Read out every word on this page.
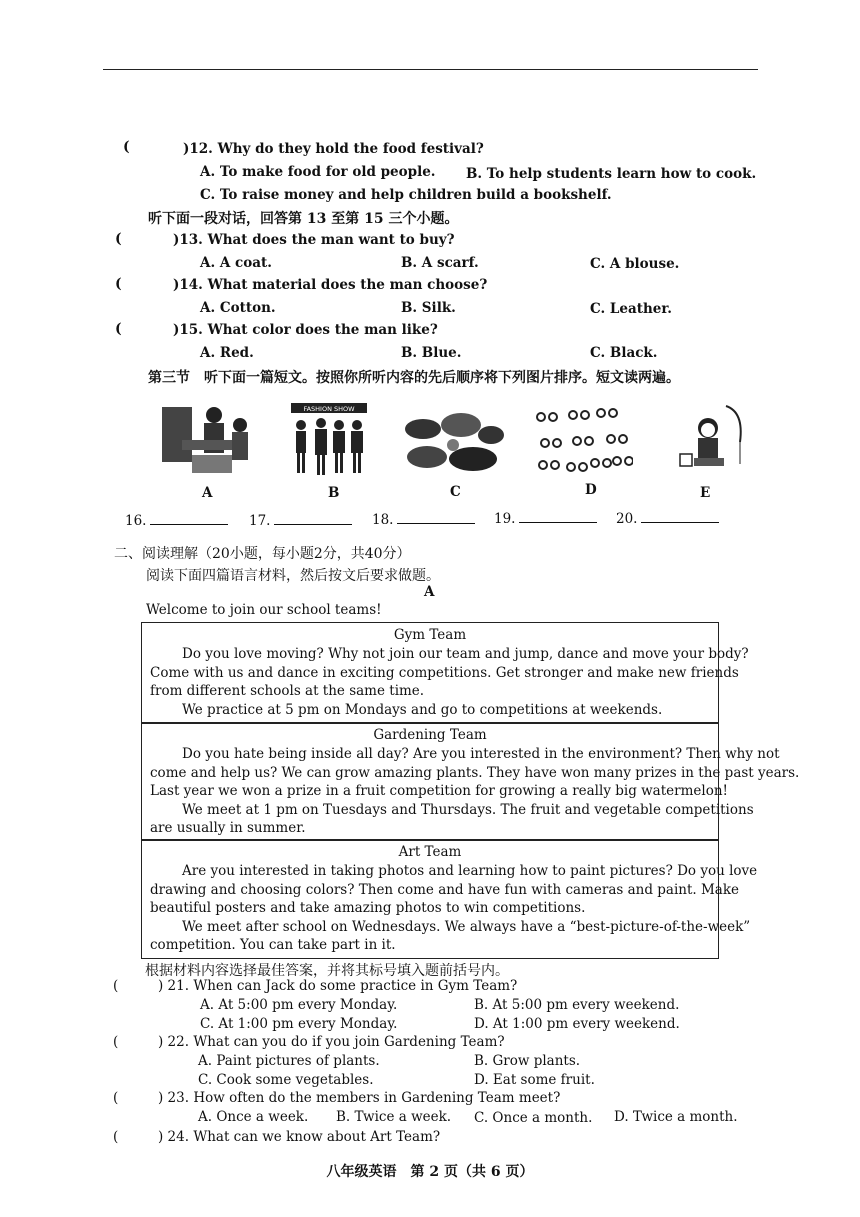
(	)12. Why do they hold the food festival?
A. To make food for old people. B. To help students learn how to cook.
C. To raise money and help children build a bookshelf.
听下面一段对话，回答第 13 至第 15 三个小题。
(	)13. What does the man want to buy?
A. A coat.	B. A scarf.	C. A blouse.
(	)14. What material does the man choose?
A. Cotton.	B. Silk.	C. Leather.
(	)15. What color does the man like?
A. Red.	B. Blue.	C. Black.
第三节　听下面一篇短文。按照你所听内容的先后顺序将下列图片排序。短文读两遍。
FASHION SHOW
A	B	C	D	E
16.	17.	18.	19.	20.
二、阅读理解（20小题，每小题2分，共40分）
阅读下面四篇语言材料，然后按文后要求做题。
A
Welcome to join our school teams!
Gym Team
Do you love moving? Why not join our team and jump, dance and move your body?
Come with us and dance in exciting competitions. Get stronger and make new friends
from different schools at the same time.
We practice at 5 pm on Mondays and go to competitions at weekends.
Gardening Team
Do you hate being inside all day? Are you interested in the environment? Then why not
come and help us? We can grow amazing plants. They have won many prizes in the past years.
Last year we won a prize in a fruit competition for growing a really big watermelon!
We meet at 1 pm on Tuesdays and Thursdays. The fruit and vegetable competitions
are usually in summer.
Art Team
Are you interested in taking photos and learning how to paint pictures? Do you love
drawing and choosing colors? Then come and have fun with cameras and paint. Make
beautiful posters and take amazing photos to win competitions.
We meet after school on Wednesdays. We always have a “best-picture-of-the-week”
competition. You can take part in it.
根据材料内容选择最佳答案，并将其标号填入题前括号内。
(	) 21. When can Jack do some practice in Gym Team?
A. At 5:00 pm every Monday.	B. At 5:00 pm every weekend.
C. At 1:00 pm every Monday.	D. At 1:00 pm every weekend.
(	) 22. What can you do if you join Gardening Team?
A. Paint pictures of plants.	B. Grow plants.
C. Cook some vegetables.	D. Eat some fruit.
(	) 23. How often do the members in Gardening Team meet?
A. Once a week. B. Twice a week. C. Once a month. D. Twice a month.
(	) 24. What can we know about Art Team?
八年级英语　第 2 页（共 6 页）
